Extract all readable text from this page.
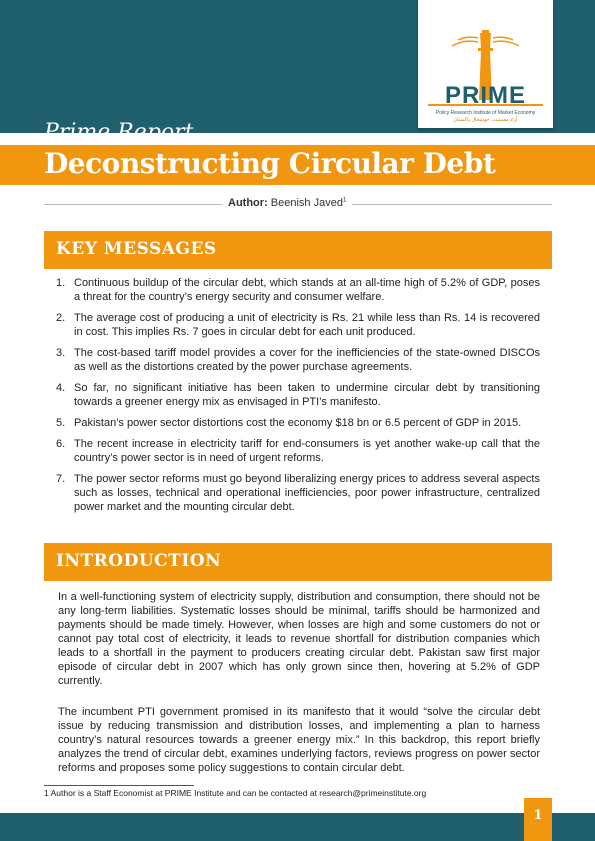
PRIME
Policy Research Institute of Market Economy
آزاد معیشت، خوشحال پاکستان
Prime Report
Deconstructing Circular Debt
Author: Beenish Javed$^1$
KEY MESSAGES
1. Continuous buildup of the circular debt, which stands at an all-time high of 5.2% of GDP, poses a threat for the country’s energy security and consumer welfare.
2. The average cost of producing a unit of electricity is Rs. 21 while less than Rs. 14 is recovered in cost. This implies Rs. 7 goes in circular debt for each unit produced.
3. The cost-based tariff model provides a cover for the inefficiencies of the state-owned DISCOs as well as the distortions created by the power purchase agreements.
4. So far, no significant initiative has been taken to undermine circular debt by transitioning towards a greener energy mix as envisaged in PTI’s manifesto.
5. Pakistan’s power sector distortions cost the economy $18 bn or 6.5 percent of GDP in 2015.
6. The recent increase in electricity tariff for end-consumers is yet another wake-up call that the country’s power sector is in need of urgent reforms.
7. The power sector reforms must go beyond liberalizing energy prices to address several aspects such as losses, technical and operational inefficiencies, poor power infrastructure, centralized power market and the mounting circular debt.
INTRODUCTION

In a well-functioning system of electricity supply, distribution and consumption, there should not be any long-term liabilities. Systematic losses should be minimal, tariffs should be harmonized and payments should be made timely. However, when losses are high and some customers do not or cannot pay total cost of electricity, it leads to revenue shortfall for distribution companies which leads to a shortfall in the payment to producers creating circular debt. Pakistan saw first major episode of circular debt in 2007 which has only grown since then, hovering at 5.2% of GDP currently.

The incumbent PTI government promised in its manifesto that it would “solve the circular debt issue by reducing transmission and distribution losses, and implementing a plan to harness country’s natural resources towards a greener energy mix.” In this backdrop, this report briefly analyzes the trend of circular debt, examines underlying factors, reviews progress on power sector reforms and proposes some policy suggestions to contain circular debt.

1 Author is a Staff Economist at PRIME Institute and can be contacted at research@primeinstitute.org
1
